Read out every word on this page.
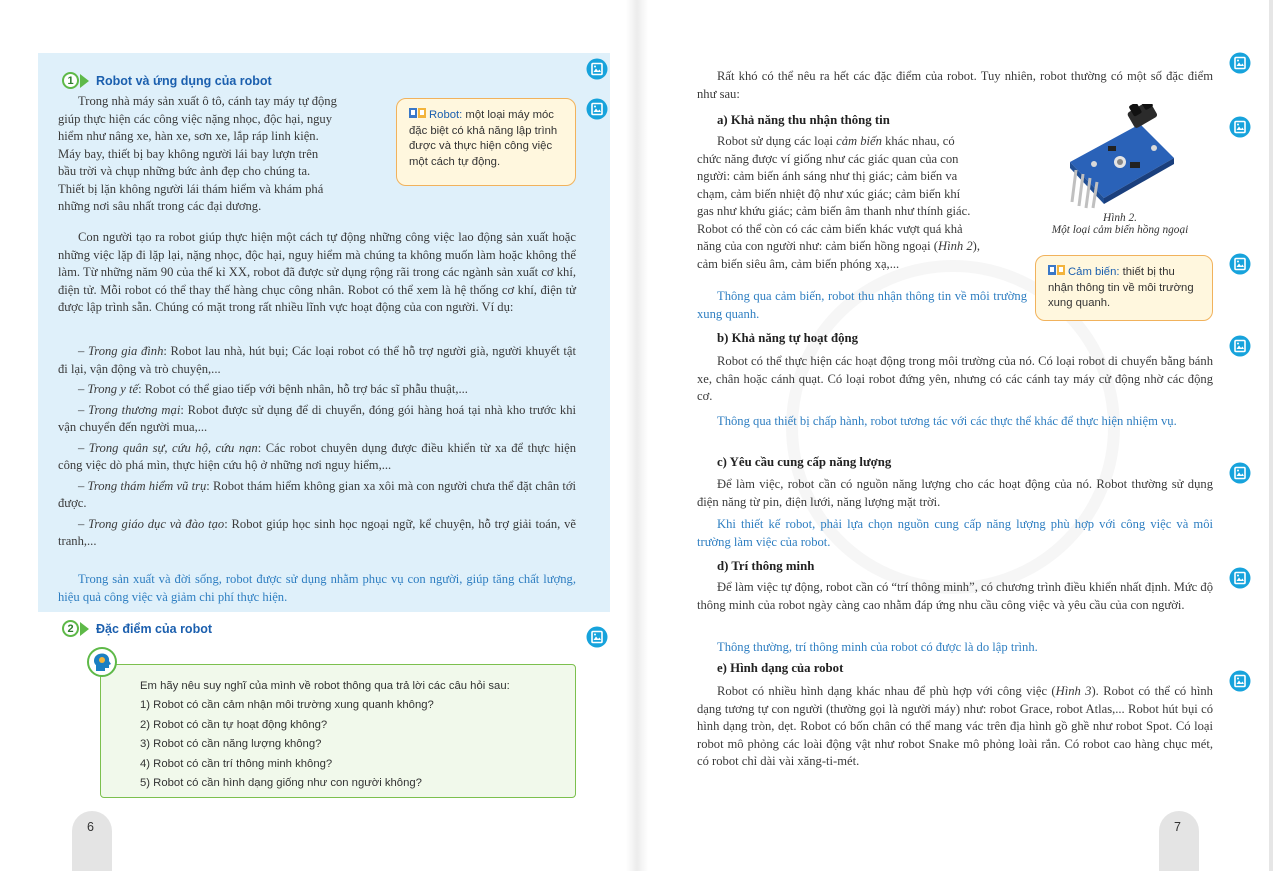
1	Robot và ứng dụng của robot
Trong nhà máy sản xuất ô tô, cánh tay máy tự động
giúp thực hiện các công việc nặng nhọc, độc hại, nguy
hiểm như nâng xe, hàn xe, sơn xe, lắp ráp linh kiện.
Máy bay, thiết bị bay không người lái bay lượn trên
bầu trời và chụp những bức ảnh đẹp cho chúng ta.
Thiết bị lặn không người lái thám hiểm và khám phá
những nơi sâu nhất trong các đại dương.
Robot: một loại máy móc đặc biệt có khả năng lập trình được và thực hiện công việc một cách tự động.

Con người tạo ra robot giúp thực hiện một cách tự động những công việc lao động sản xuất hoặc những việc lặp đi lặp lại, nặng nhọc, độc hại, nguy hiểm mà chúng ta không muốn làm hoặc không thể làm. Từ những năm 90 của thế kỉ XX, robot đã được sử dụng rộng rãi trong các ngành sản xuất cơ khí, điện tử. Mỗi robot có thể thay thế hàng chục công nhân. Robot có thể xem là hệ thống cơ khí, điện tử được lập trình sẵn. Chúng có mặt trong rất nhiều lĩnh vực hoạt động của con người. Ví dụ:

– Trong gia đình: Robot lau nhà, hút bụi; Các loại robot có thể hỗ trợ người già, người khuyết tật đi lại, vận động và trò chuyện,...

– Trong y tế: Robot có thể giao tiếp với bệnh nhân, hỗ trợ bác sĩ phẫu thuật,...

– Trong thương mại: Robot được sử dụng để di chuyển, đóng gói hàng hoá tại nhà kho trước khi vận chuyển đến người mua,...

– Trong quân sự, cứu hộ, cứu nạn: Các robot chuyên dụng được điều khiển từ xa để thực hiện công việc dò phá mìn, thực hiện cứu hộ ở những nơi nguy hiểm,...

– Trong thám hiểm vũ trụ: Robot thám hiểm không gian xa xôi mà con người chưa thể đặt chân tới được.

– Trong giáo dục và đào tạo: Robot giúp học sinh học ngoại ngữ, kể chuyện, hỗ trợ giải toán, vẽ tranh,...

Trong sản xuất và đời sống, robot được sử dụng nhằm phục vụ con người, giúp tăng chất lượng, hiệu quả công việc và giảm chi phí thực hiện.

2	Đặc điểm của robot
Em hãy nêu suy nghĩ của mình về robot thông qua trả lời các câu hỏi sau:
1) Robot có cần cảm nhận môi trường xung quanh không?
2) Robot có cần tự hoạt động không?
3) Robot có cần năng lượng không?
4) Robot có cần trí thông minh không?
5) Robot có cần hình dạng giống như con người không?
6

Rất khó có thể nêu ra hết các đặc điểm của robot. Tuy nhiên, robot thường có một số đặc điểm như sau:

a) Khả năng thu nhận thông tin
Robot sử dụng các loại cảm biến khác nhau, có
chức năng được ví giống như các giác quan của con
người: cảm biến ánh sáng như thị giác; cảm biến va
chạm, cảm biến nhiệt độ như xúc giác; cảm biến khí
gas như khứu giác; cảm biến âm thanh như thính giác.
Robot có thể còn có các cảm biến khác vượt quá khả
năng của con người như: cảm biến hồng ngoại (Hình 2),
cảm biến siêu âm, cảm biến phóng xạ,...

Thông qua cảm biến, robot thu nhận thông tin về môi trường xung quanh.

Hình 2.
Một loại cảm biến hồng ngoại
Cảm biến: thiết bị thu nhận thông tin về môi trường xung quanh.
b) Khả năng tự hoạt động

Robot có thể thực hiện các hoạt động trong môi trường của nó. Có loại robot di chuyển bằng bánh xe, chân hoặc cánh quạt. Có loại robot đứng yên, nhưng có các cánh tay máy cử động nhờ các động cơ.

Thông qua thiết bị chấp hành, robot tương tác với các thực thể khác để thực hiện nhiệm vụ.

c) Yêu cầu cung cấp năng lượng

Để làm việc, robot cần có nguồn năng lượng cho các hoạt động của nó. Robot thường sử dụng điện năng từ pin, điện lưới, năng lượng mặt trời.

Khi thiết kế robot, phải lựa chọn nguồn cung cấp năng lượng phù hợp với công việc và môi trường làm việc của robot.

d) Trí thông minh

Để làm việc tự động, robot cần có “trí thông minh”, có chương trình điều khiển nhất định. Mức độ thông minh của robot ngày càng cao nhằm đáp ứng nhu cầu công việc và yêu cầu của con người.

Thông thường, trí thông minh của robot có được là do lập trình.

e) Hình dạng của robot

Robot có nhiều hình dạng khác nhau để phù hợp với công việc (Hình 3). Robot có thể có hình dạng tương tự con người (thường gọi là người máy) như: robot Grace, robot Atlas,... Robot hút bụi có hình dạng tròn, dẹt. Robot có bốn chân có thể mang vác trên địa hình gồ ghề như robot Spot. Có loại robot mô phỏng các loài động vật như robot Snake mô phỏng loài rắn. Có robot cao hàng chục mét, có robot chỉ dài vài xăng-ti-mét.

7
